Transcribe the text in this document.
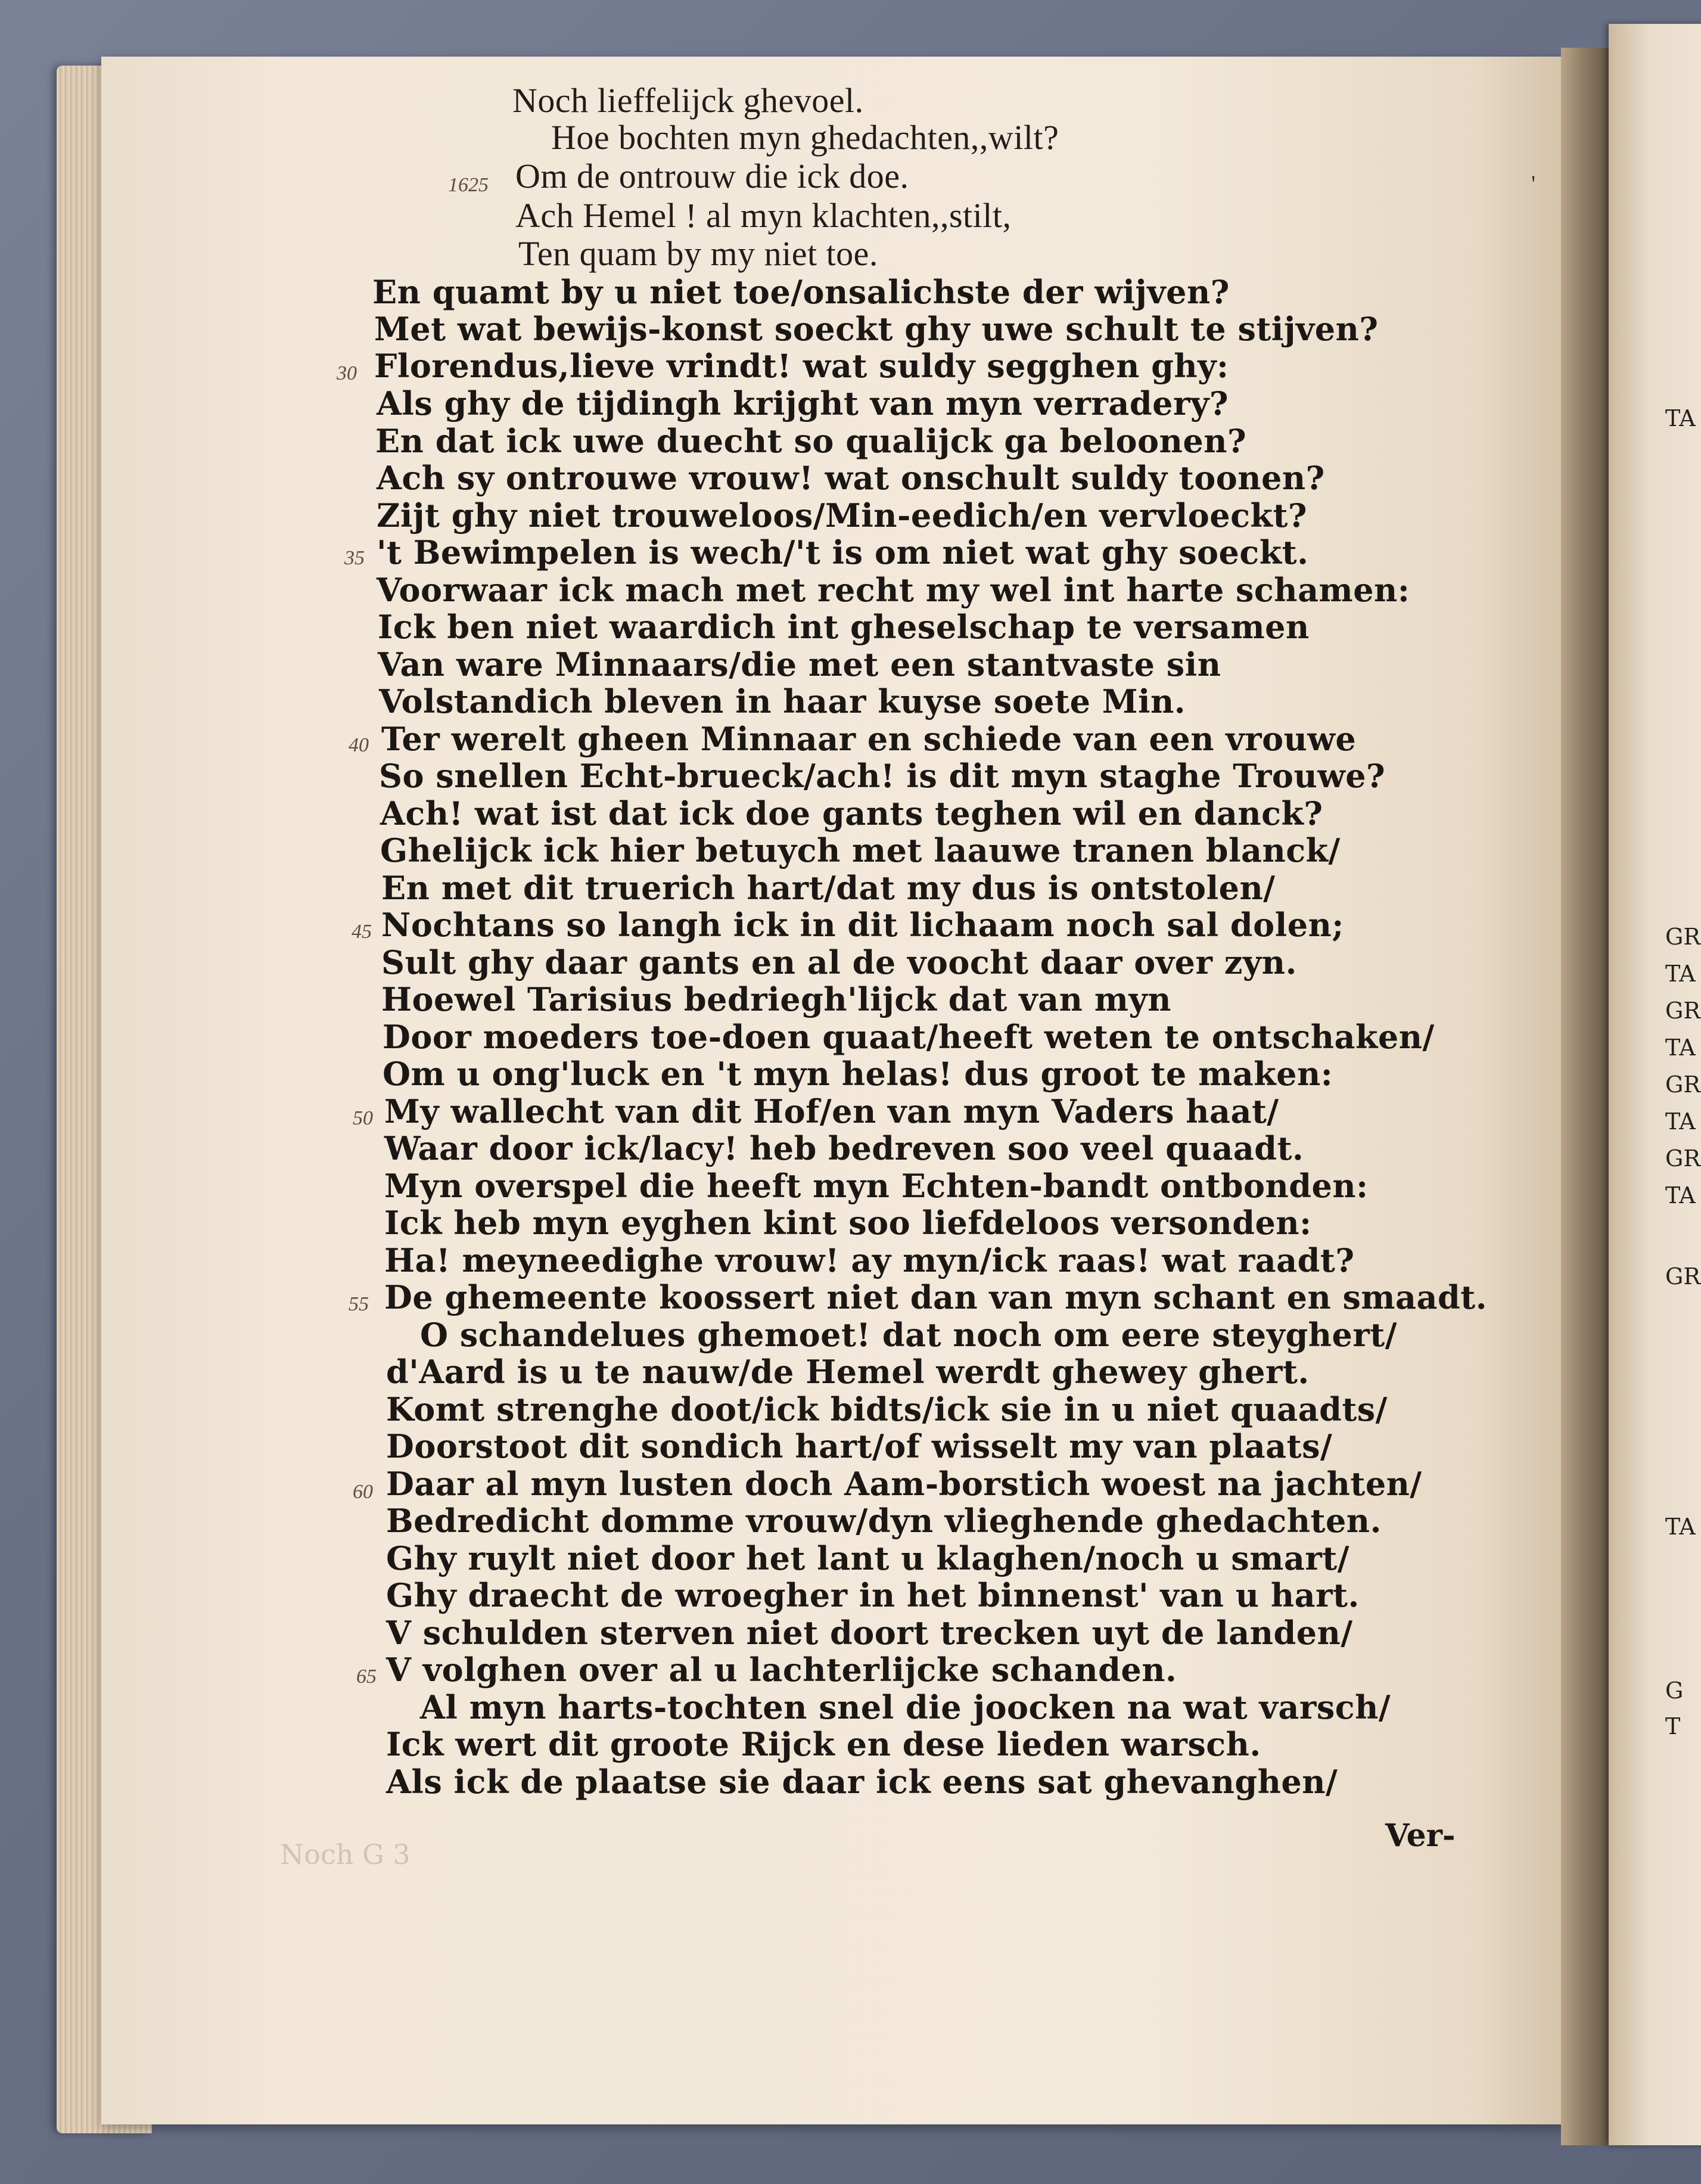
Noch lieffelijck ghevoel.
Hoe bochten myn ghedachten,,wilt?
Om de ontrouw die ick doe.
Ach Hemel ! al myn klachten,,stilt,
Ten quam by my niet toe.
En quamt by u niet toe/onsalichste der wijven?
Met wat bewijs-konst soeckt ghy uwe schult te stijven?
Florendus,lieve vrindt! wat suldy segghen ghy:
Als ghy de tijdingh krijght van myn verradery?
En dat ick uwe duecht so qualijck ga beloonen?
Ach sy ontrouwe vrouw! wat onschult suldy toonen?
Zijt ghy niet trouweloos/Min-eedich/en vervloeckt?
't Bewimpelen is wech/'t is om niet wat ghy soeckt.
Voorwaar ick mach met recht my wel int harte schamen:
Ick ben niet waardich int gheselschap te versamen
Van ware Minnaars/die met een stantvaste sin
Volstandich bleven in haar kuyse soete Min.
Ter werelt gheen Minnaar en schiede van een vrouwe
So snellen Echt-brueck/ach! is dit myn staghe Trouwe?
Ach! wat ist dat ick doe gants teghen wil en danck?
Ghelijck ick hier betuych met laauwe tranen blanck/
En met dit truerich hart/dat my dus is ontstolen/
Nochtans so langh ick in dit lichaam noch sal dolen;
Sult ghy daar gants en al de voocht daar over zyn.
Hoewel Tarisius bedriegh'lijck dat van myn
Door moeders toe-doen quaat/heeft weten te ontschaken/
Om u ong'luck en 't myn helas! dus groot te maken:
My wallecht van dit Hof/en van myn Vaders haat/
Waar door ick/lacy! heb bedreven soo veel quaadt.
Myn overspel die heeft myn Echten-bandt ontbonden:
Ick heb myn eyghen kint soo liefdeloos versonden:
Ha! meyneedighe vrouw! ay myn/ick raas! wat raadt?
De ghemeente koossert niet dan van myn schant en smaadt.
O schandelues ghemoet! dat noch om eere steyghert/
d'Aard is u te nauw/de Hemel werdt ghewey ghert.
Komt strenghe doot/ick bidts/ick sie in u niet quaadts/
Doorstoot dit sondich hart/of wisselt my van plaats/
Daar al myn lusten doch Aam-borstich woest na jachten/
Bedredicht domme vrouw/dyn vlieghende ghedachten.
Ghy ruylt niet door het lant u klaghen/noch u smart/
Ghy draecht de wroegher in het binnenst' van u hart.
V schulden sterven niet doort trecken uyt de landen/
V volghen over al u lachterlijcke schanden.
Al myn harts-tochten snel die joocken na wat varsch/
Ick wert dit groote Rijck en dese lieden warsch.
Als ick de plaatse sie daar ick eens sat ghevanghen/
1625
30
35
40
45
50
55
60
65
Noch G 3
Ver-
'
TA
GR
TA
GR
TA
GR
TA
GR
TA
GR
TA
G
T
